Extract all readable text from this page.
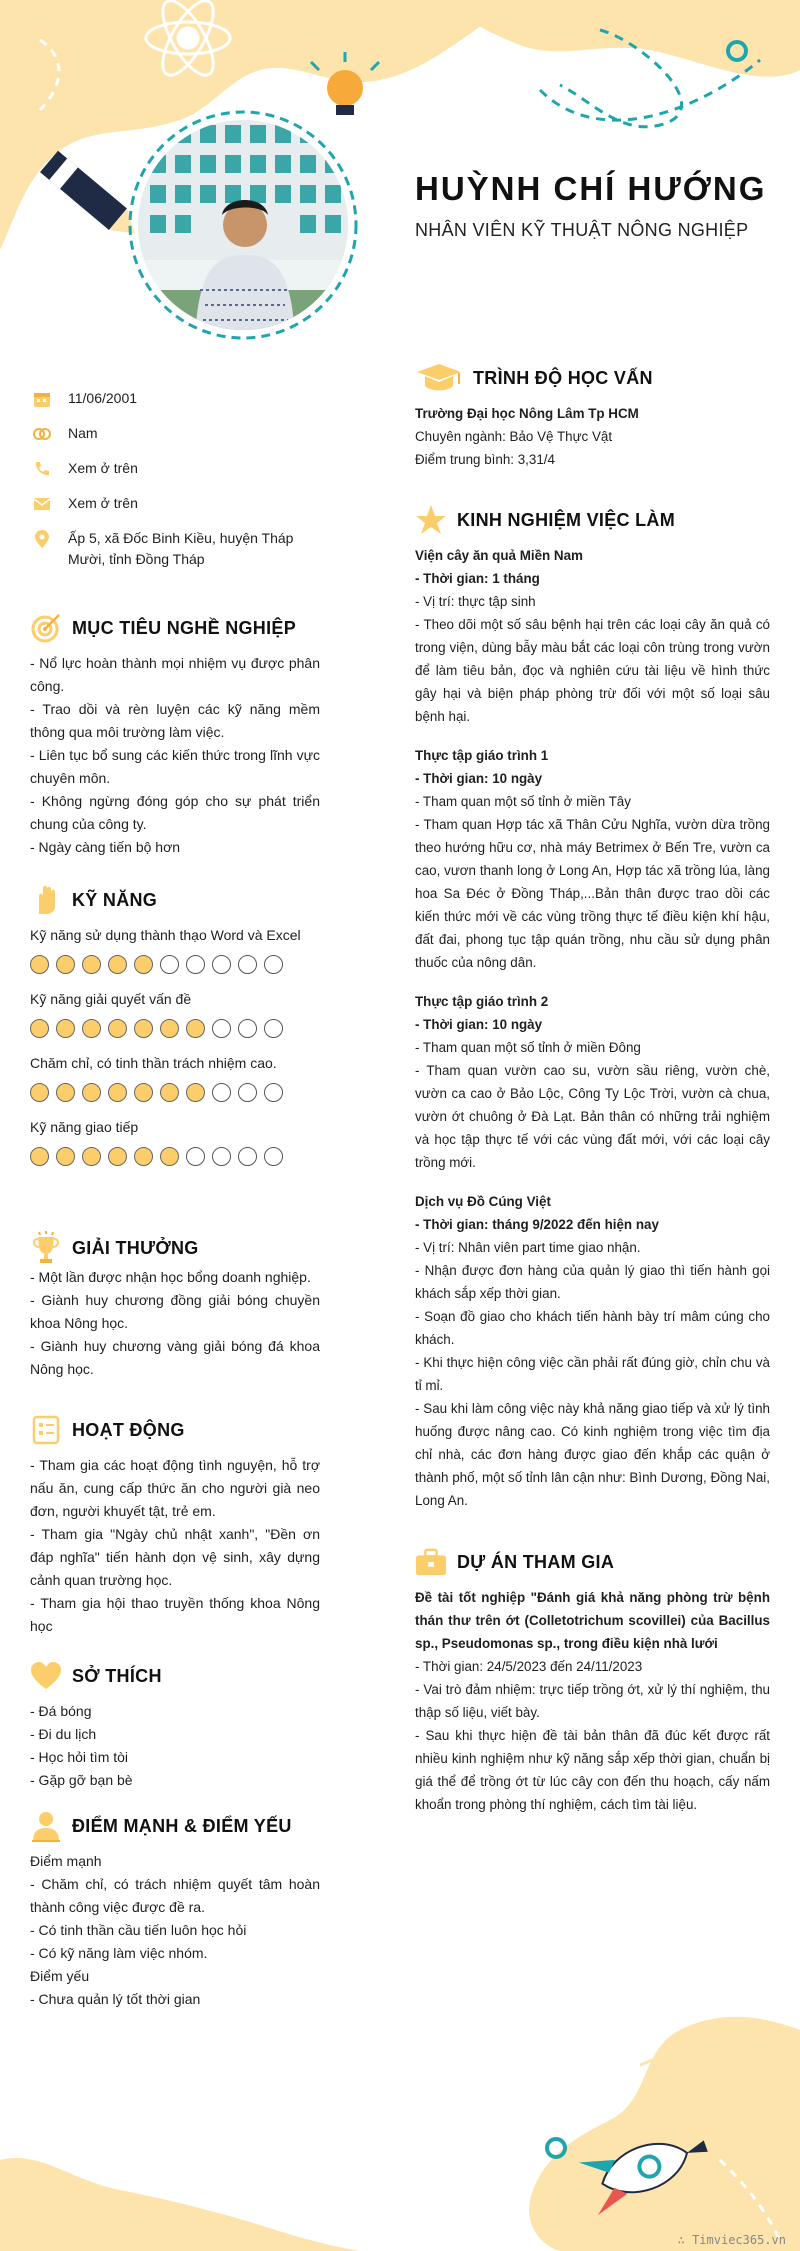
HUỲNH CHÍ HƯỚNG
NHÂN VIÊN KỸ THUẬT NÔNG NGHIỆP
11/06/2001
Nam
Xem ở trên
Xem ở trên
Ấp 5, xã Đốc Binh Kiều, huyện Tháp Mười, tỉnh Đồng Tháp
MỤC TIÊU NGHỀ NGHIỆP

- Nổ lực hoàn thành mọi nhiệm vụ được phân công.

- Trao dồi và rèn luyện các kỹ năng mềm thông qua môi trường làm việc.

- Liên tục bổ sung các kiến thức trong lĩnh vực chuyên môn.

- Không ngừng đóng góp cho sự phát triển chung của công ty.

- Ngày càng tiến bộ hơn

KỸ NĂNG
Kỹ năng sử dụng thành thạo Word và Excel
Kỹ năng giải quyết vấn đề
Chăm chỉ, có tinh thần trách nhiệm cao.
Kỹ năng giao tiếp
GIẢI THƯỞNG

- Một lần được nhận học bổng doanh nghiệp.

- Giành huy chương đồng giải bóng chuyền khoa Nông học.

- Giành huy chương vàng giải bóng đá khoa Nông học.

HOẠT ĐỘNG

- Tham gia các hoạt động tình nguyện, hỗ trợ nấu ăn, cung cấp thức ăn cho người già neo đơn, người khuyết tật, trẻ em.

- Tham gia "Ngày chủ nhật xanh", "Đền ơn đáp nghĩa" tiến hành dọn vệ sinh, xây dựng cảnh quan trường học.

- Tham gia hội thao truyền thống khoa Nông học

SỞ THÍCH

- Đá bóng

- Đi du lịch

- Học hỏi tìm tòi

- Gặp gỡ bạn bè

ĐIỂM MẠNH & ĐIỂM YẾU

Điểm mạnh

- Chăm chỉ, có trách nhiệm quyết tâm hoàn thành công việc được đề ra.

- Có tinh thần cầu tiến luôn học hỏi

- Có kỹ năng làm việc nhóm.

Điểm yếu

- Chưa quản lý tốt thời gian

TRÌNH ĐỘ HỌC VẤN

Trường Đại học Nông Lâm Tp HCM

Chuyên ngành: Bảo Vệ Thực Vật

Điểm trung bình: 3,31/4

KINH NGHIỆM VIỆC LÀM

Viện cây ăn quả Miền Nam

- Thời gian: 1 tháng

- Vị trí: thực tập sinh

- Theo dõi một số sâu bệnh hại trên các loại cây ăn quả có trong viện, dùng bẫy màu bắt các loại côn trùng trong vườn để làm tiêu bản, đọc và nghiên cứu tài liệu về hình thức gây hại và biện pháp phòng trừ đối với một số loại sâu bệnh hại.

Thực tập giáo trình 1

- Thời gian: 10 ngày

- Tham quan một số tỉnh ở miền Tây

- Tham quan Hợp tác xã Thân Cửu Nghĩa, vườn dừa trồng theo hướng hữu cơ, nhà máy Betrimex ở Bến Tre, vườn ca cao, vươn thanh long ở Long An, Hợp tác xã trồng lúa, làng hoa Sa Đéc ở Đồng Tháp,...Bản thân được trao dồi các kiến thức mới về các vùng trồng thực tế điều kiện khí hậu, đất đai, phong tục tập quán trồng, nhu cầu sử dụng phân thuốc của nông dân.

Thực tập giáo trình 2

- Thời gian: 10 ngày

- Tham quan một số tỉnh ở miền Đông

- Tham quan vườn cao su, vườn sầu riêng, vườn chè, vườn ca cao ở Bảo Lộc, Công Ty Lộc Trời, vườn cà chua, vườn ớt chuông ở Đà Lạt. Bản thân có những trải nghiệm và học tập thực tế với các vùng đất mới, với các loại cây trồng mới.

Dịch vụ Đồ Cúng Việt

- Thời gian: tháng 9/2022 đến hiện nay

- Vị trí: Nhân viên part time giao nhận.

- Nhận được đơn hàng của quản lý giao thì tiến hành gọi khách sắp xếp thời gian.

- Soạn đồ giao cho khách tiến hành bày trí mâm cúng cho khách.

- Khi thực hiện công việc cần phải rất đúng giờ, chỉn chu và tỉ mỉ.

- Sau khi làm công việc này khả năng giao tiếp và xử lý tình huống được nâng cao. Có kinh nghiệm trong việc tìm địa chỉ nhà, các đơn hàng được giao đến khắp các quận ở thành phố, một số tỉnh lân cận như: Bình Dương, Đồng Nai, Long An.

DỰ ÁN THAM GIA

Đề tài tốt nghiệp "Đánh giá khả năng phòng trừ bệnh thán thư trên ớt (Colletotrichum scovillei) của Bacillus sp., Pseudomonas sp., trong điều kiện nhà lưới

- Thời gian: 24/5/2023 đến 24/11/2023

- Vai trò đảm nhiệm: trực tiếp trồng ớt, xử lý thí nghiệm, thu thập số liệu, viết bày.

- Sau khi thực hiện đề tài bản thân đã đúc kết được rất nhiều kinh nghiệm như kỹ năng sắp xếp thời gian, chuẩn bị giá thể để trồng ớt từ lúc cây con đến thu hoạch, cấy nấm khoẩn trong phòng thí nghiệm, cách tìm tài liệu.

∴ Timviec365.vn
